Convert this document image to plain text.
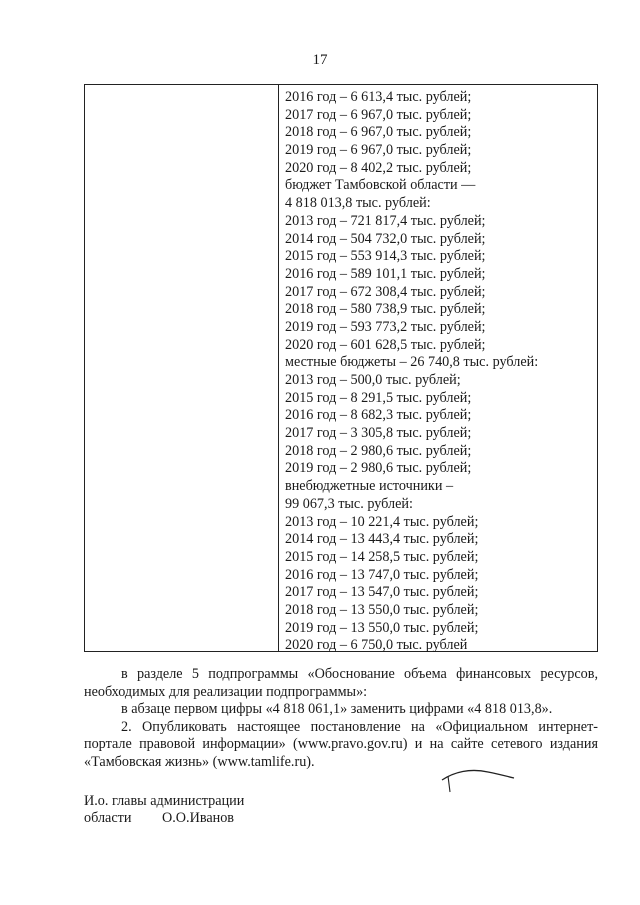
17
2016 год – 6 613,4 тыс. рублей;
2017 год – 6 967,0 тыс. рублей;
2018 год – 6 967,0 тыс. рублей;
2019 год – 6 967,0 тыс. рублей;
2020 год – 8 402,2 тыс. рублей;
бюджет Тамбовской области —
4 818 013,8 тыс. рублей:
2013 год – 721 817,4 тыс. рублей;
2014 год – 504 732,0 тыс. рублей;
2015 год – 553 914,3 тыс. рублей;
2016 год – 589 101,1 тыс. рублей;
2017 год – 672 308,4 тыс. рублей;
2018 год – 580 738,9 тыс. рублей;
2019 год – 593 773,2 тыс. рублей;
2020 год – 601 628,5 тыс. рублей;
местные бюджеты – 26 740,8 тыс. рублей:
2013 год – 500,0 тыс. рублей;
2015 год – 8 291,5 тыс. рублей;
2016 год – 8 682,3 тыс. рублей;
2017 год – 3 305,8 тыс. рублей;
2018 год – 2 980,6 тыс. рублей;
2019 год – 2 980,6 тыс. рублей;
внебюджетные источники –
99 067,3 тыс. рублей:
2013 год – 10 221,4 тыс. рублей;
2014 год – 13 443,4 тыс. рублей;
2015 год – 14 258,5 тыс. рублей;
2016 год – 13 747,0 тыс. рублей;
2017 год – 13 547,0 тыс. рублей;
2018 год – 13 550,0 тыс. рублей;
2019 год – 13 550,0 тыс. рублей;
2020 год – 6 750,0 тыс. рублей

в разделе 5 подпрограммы «Обоснование объема финансовых ресурсов, необходимых для реализации подпрограммы»:

в абзаце первом цифры «4 818 061,1» заменить цифрами «4 818 013,8».

2. Опубликовать настоящее постановление на «Официальном интернет-портале правовой информации» (www.pravo.gov.ru) и на сайте сетевого издания «Тамбовская жизнь» (www.tamlife.ru).

И.о. главы администрации
области О.О.Иванов
